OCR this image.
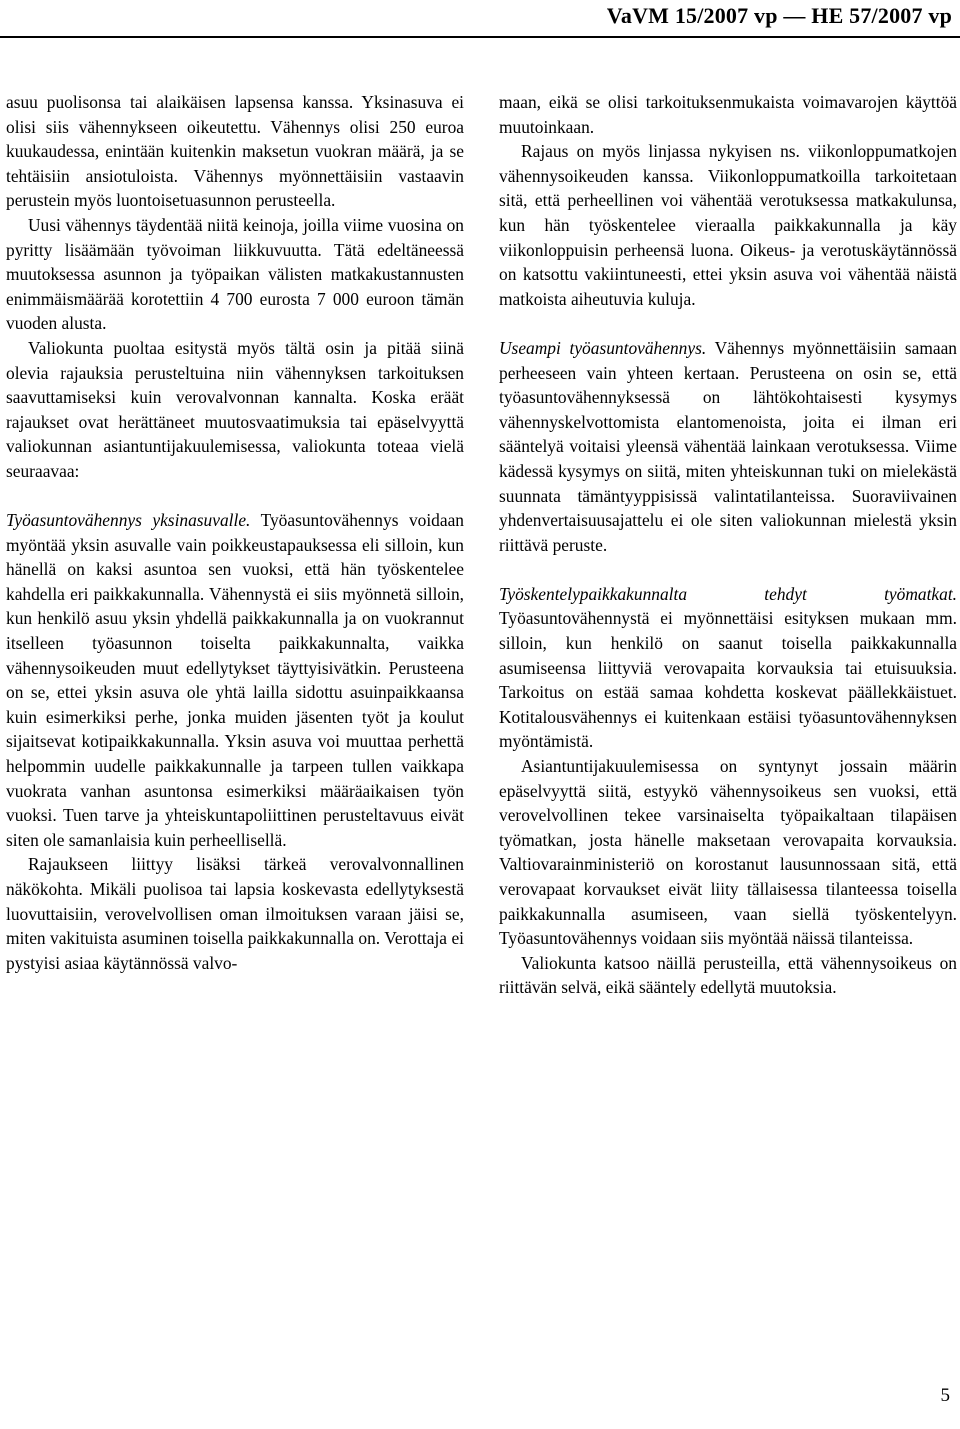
VaVM 15/2007 vp — HE 57/2007 vp

asuu puolisonsa tai alaikäisen lapsensa kanssa. Yksinasuva ei olisi siis vähennykseen oikeutettu. Vähennys olisi 250 euroa kuukaudessa, enintään kuitenkin maksetun vuokran määrä, ja se tehtäisiin ansiotuloista. Vähennys myönnettäisiin vastaavin perustein myös luontoisetuasunnon perusteella.

Uusi vähennys täydentää niitä keinoja, joilla viime vuosina on pyritty lisäämään työvoiman liikkuvuutta. Tätä edeltäneessä muutoksessa asunnon ja työpaikan välisten matkakustannusten enimmäismäärää korotettiin 4 700 eurosta 7 000 euroon tämän vuoden alusta.

Valiokunta puoltaa esitystä myös tältä osin ja pitää siinä olevia rajauksia perusteltuina niin vähennyksen tarkoituksen saavuttamiseksi kuin verovalvonnan kannalta. Koska eräät rajaukset ovat herättäneet muutosvaatimuksia tai epäselvyyttä valiokunnan asiantuntijakuulemisessa, valiokunta toteaa vielä seuraavaa:

Työasuntovähennys yksinasuvalle. Työasuntovähennys voidaan myöntää yksin asuvalle vain poikkeustapauksessa eli silloin, kun hänellä on kaksi asuntoa sen vuoksi, että hän työskentelee kahdella eri paikkakunnalla. Vähennystä ei siis myönnetä silloin, kun henkilö asuu yksin yhdellä paikkakunnalla ja on vuokrannut itselleen työasunnon toiselta paikkakunnalta, vaikka vähennysoikeuden muut edellytykset täyttyisivätkin. Perusteena on se, ettei yksin asuva ole yhtä lailla sidottu asuinpaikkaansa kuin esimerkiksi perhe, jonka muiden jäsenten työt ja koulut sijaitsevat kotipaikkakunnalla. Yksin asuva voi muuttaa perhettä helpommin uudelle paikkakunnalle ja tarpeen tullen vaikkapa vuokrata vanhan asuntonsa esimerkiksi määräaikaisen työn vuoksi. Tuen tarve ja yhteiskuntapoliittinen perusteltavuus eivät siten ole samanlaisia kuin perheellisellä.

Rajaukseen liittyy lisäksi tärkeä verovalvonnallinen näkökohta. Mikäli puolisoa tai lapsia koskevasta edellytyksestä luovuttaisiin, verovelvollisen oman ilmoituksen varaan jäisi se, miten vakituista asuminen toisella paikkakunnalla on. Verottaja ei pystyisi asiaa käytännössä valvo-

maan, eikä se olisi tarkoituksenmukaista voimavarojen käyttöä muutoinkaan.

Rajaus on myös linjassa nykyisen ns. viikonloppumatkojen vähennysoikeuden kanssa. Viikonloppumatkoilla tarkoitetaan sitä, että perheellinen voi vähentää verotuksessa matkakulunsa, kun hän työskentelee vieraalla paikkakunnalla ja käy viikonloppuisin perheensä luona. Oikeus- ja verotuskäytännössä on katsottu vakiintuneesti, ettei yksin asuva voi vähentää näistä matkoista aiheutuvia kuluja.

Useampi työasuntovähennys. Vähennys myönnettäisiin samaan perheeseen vain yhteen kertaan. Perusteena on osin se, että työasuntovähennyksessä on lähtökohtaisesti kysymys vähennyskelvottomista elantomenoista, joita ei ilman eri sääntelyä voitaisi yleensä vähentää lainkaan verotuksessa. Viime kädessä kysymys on siitä, miten yhteiskunnan tuki on mielekästä suunnata tämäntyyppisissä valintatilanteissa. Suoraviivainen yhdenvertaisuusajattelu ei ole siten valiokunnan mielestä yksin riittävä peruste.

Työskentelypaikkakunnalta tehdyt työmatkat. Työasuntovähennystä ei myönnettäisi esityksen mukaan mm. silloin, kun henkilö on saanut toisella paikkakunnalla asumiseensa liittyviä verovapaita korvauksia tai etuisuuksia. Tarkoitus on estää samaa kohdetta koskevat päällekkäistuet. Kotitalousvähennys ei kuitenkaan estäisi työasuntovähennyksen myöntämistä.

Asiantuntijakuulemisessa on syntynyt jossain määrin epäselvyyttä siitä, estyykö vähennysoikeus sen vuoksi, että verovelvollinen tekee varsinaiselta työpaikaltaan tilapäisen työmatkan, josta hänelle maksetaan verovapaita korvauksia. Valtiovarainministeriö on korostanut lausunnossaan sitä, että verovapaat korvaukset eivät liity tällaisessa tilanteessa toisella paikkakunnalla asumiseen, vaan siellä työskentelyyn. Työasuntovähennys voidaan siis myöntää näissä tilanteissa.

Valiokunta katsoo näillä perusteilla, että vähennysoikeus on riittävän selvä, eikä sääntely edellytä muutoksia.

5
